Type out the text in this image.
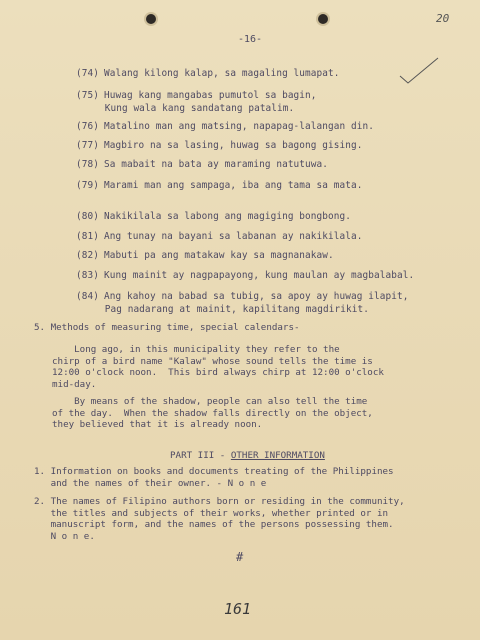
-16-
20
(74) Walang kilong kalap, sa magaling lumapat.
(75) Huwag kang mangabas pumutol sa bagin,
Kung wala kang sandatang patalim.
(76) Matalino man ang matsing, napapag-lalangan din.
(77) Magbiro na sa lasing, huwag sa bagong gising.
(78) Sa mabait na bata ay maraming natutuwa.
(79) Marami man ang sampaga, iba ang tama sa mata.
(80) Nakikilala sa labong ang magiging bongbong.
(81) Ang tunay na bayani sa labanan ay nakikilala.
(82) Mabuti pa ang matakaw kay sa magnanakaw.
(83) Kung mainit ay nagpapayong, kung maulan ay magbalabal.
(84) Ang kahoy na babad sa tubig, sa apoy ay huwag ilapit,
Pag nadarang at mainit, kapilitang magdirikit.
5. Methods of measuring time, special calendars-
Long ago, in this municipality they refer to the
chirp of a bird name "Kalaw" whose sound tells the time is
12:00 o'clock noon.  This bird always chirp at 12:00 o'clock
mid-day.
By means of the shadow, people can also tell the time
of the day.  When the shadow falls directly on the object,
they believed that it is already noon.
PART III - OTHER INFORMATION
1. Information on books and documents treating of the Philippines
and the names of their owner. - N o n e
2. The names of Filipino authors born or residing in the community,
the titles and subjects of their works, whether printed or in
manuscript form, and the names of the persons possessing them.
N o n e.
#
161
